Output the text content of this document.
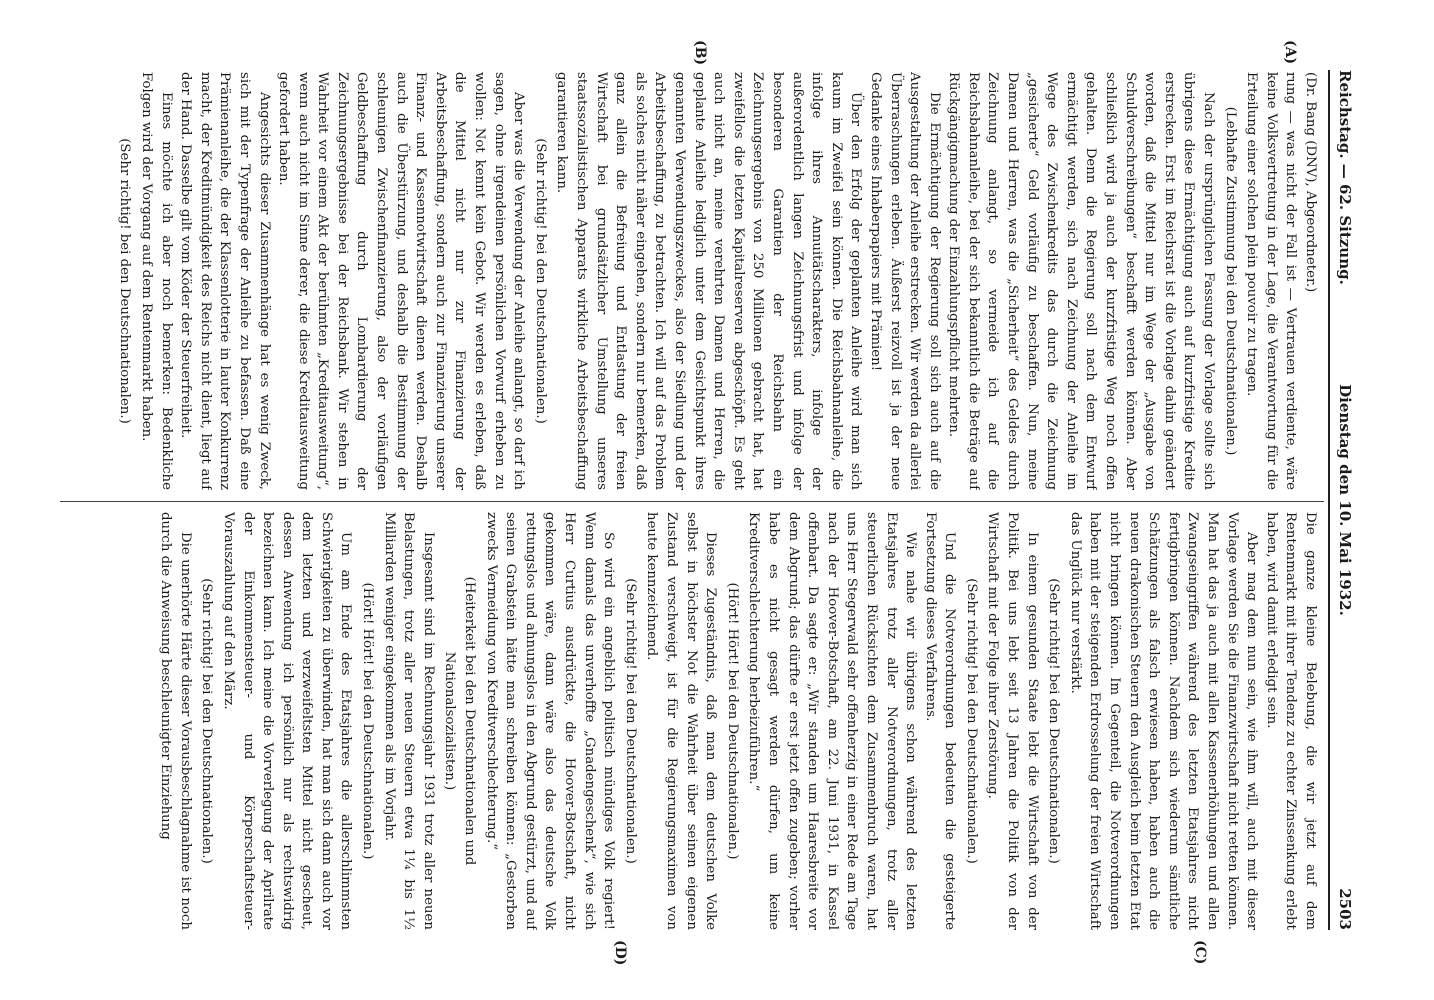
Reichstag. — 62. Sitzung.
Dienstag den 10. Mai 1932.
2503
(A)
(B)
(C)
(D)

(Dr. Bang (DNV), Abgeordneter.)

rung — was nicht der Fall ist — Vertrauen verdiente, wäre keine Volksvertretung in der Lage, die Verantwortung für die Erteilung einer solchen plein pouvoir zu tragen.

(Lebhafte Zustimmung bei den Deutschnationalen.)

Nach der ursprünglichen Fassung der Vorlage sollte sich übrigens diese Ermächtigung auch auf kurzfristige Kredite erstrecken. Erst im Reichsrat ist die Vorlage dahin geändert worden, daß die Mittel nur im Wege der „Ausgabe von Schuldverschreibungen“ beschafft werden können. Aber schließlich wird ja auch der kurzfristige Weg noch offen gehalten. Denn die Regierung soll nach dem Entwurf ermächtigt werden, sich nach Zeichnung der Anleihe im Wege des Zwischenkredits das durch die Zeichnung „gesicherte“ Geld vorläufig zu beschaffen. Nun, meine Damen und Herren, was die „Sicherheit“ des Geldes durch Zeichnung anlangt, so vermeide ich auf die Reichsbahnanleihe, bei der sich bekanntlich die Beträge auf Rückgängigmachung der Einzahlungspflicht mehrten.

Die Ermächtigung der Regierung soll sich auch auf die Ausgestaltung der Anleihe erstrecken. Wir werden da allerlei Überraschungen erleben. Äußerst reizvoll ist ja der neue Gedanke eines Inhaberpapiers mit Prämien!

Über den Erfolg der geplanten Anleihe wird man sich kaum im Zweifel sein können. Die Reichsbahnanleihe, die infolge ihres Annuitätscharakters, infolge der außerordentlich langen Zeichnungsfrist und infolge der besonderen Garantien der Reichsbahn ein Zeichnungsergebnis von 250 Millionen gebracht hat, hat zweifellos die letzten Kapitalreserven abgeschöpft. Es geht auch nicht an, meine verehrten Damen und Herren, die geplante Anleihe lediglich unter dem Gesichtspunkt ihres genannten Verwendungszweckes, also der Siedlung und der Arbeitsbeschaffung, zu betrachten. Ich will auf das Problem als solches nicht näher eingehen, sondern nur bemerken, daß ganz allein die Befreiung und Entlastung der freien Wirtschaft bei grundsätzlicher Umstellung unseres staatssozialistischen Apparats wirkliche Arbeitsbeschaffung garantieren kann.

(Sehr richtig! bei den Deutschnationalen.)

Aber was die Verwendung der Anleihe anlangt, so darf ich sagen, ohne irgendeinen persönlichen Vorwurf erheben zu wollen: Not kennt kein Gebot. Wir werden es erleben, daß die Mittel nicht nur zur Finanzierung der Arbeitsbeschaffung, sondern auch zur Finanzierung unserer Finanz- und Kassennotwirtschaft dienen werden. Deshalb auch die Überstürzung, und deshalb die Bestimmung der schleunigen Zwischenfinanzierung, also der vorläufigen Geldbeschaffung durch Lombardierung der Zeichnungsergebnisse bei der Reichsbank. Wir stehen in Wahrheit vor einem Akt der berühmten „Kreditausweitung“, wenn auch nicht im Sinne derer, die diese Kreditausweitung gefordert haben.

Angesichts dieser Zusammenhänge hat es wenig Zweck, sich mit der Typenfrage der Anleihe zu befassen. Daß eine Prämienanleihe, die der Klassenlotterie in lauter Konkurrenz macht, der Kreditmündigkeit des Reichs nicht dient, liegt auf der Hand. Dasselbe gilt vom Köder der Steuerfreiheit.

Eines möchte ich aber noch bemerken: Bedenkliche Folgen wird der Vorgang auf dem Rentenmarkt haben.

(Sehr richtig! bei den Deutschnationalen.)

Die ganze kleine Belebung, die wir jetzt auf dem Rentenmarkt mit ihrer Tendenz zu echter Zinssenkung erlebt haben, wird damit erledigt sein.

Aber mag dem nun sein, wie ihm will, auch mit dieser Vorlage werden Sie die Finanzwirtschaft nicht retten können. Man hat das ja auch mit allen Kassenerhöhungen und allen Zwangseingriffen während des letzten Etatsjahres nicht fertigbringen können. Nachdem sich wiederum sämtliche Schätzungen als falsch erwiesen haben, haben auch die neuen drakonischen Steuern den Ausgleich beim letzten Etat nicht bringen können. Im Gegenteil, die Notverordnungen haben mit der steigenden Erdrosselung der freien Wirtschaft das Unglück nur verstärkt.

(Sehr richtig! bei den Deutschnationalen.)

In einem gesunden Staate lebt die Wirtschaft von der Politik. Bei uns lebt seit 13 Jahren die Politik von der Wirtschaft mit der Folge ihrer Zerstörung.

(Sehr richtig! bei den Deutschnationalen.)

Und die Notverordnungen bedeuten die gesteigerte Fortsetzung dieses Verfahrens.

Wie nahe wir übrigens schon während des letzten Etatsjahres trotz aller Notverordnungen, trotz aller steuerlichen Rücksichten dem Zusammenbruch waren, hat uns Herr Stegerwald sehr offenherzig in einer Rede am Tage nach der Hoover-Botschaft, am 22. Juni 1931, in Kassel offenbart. Da sagte er: „Wir standen um Haaresbreite vor dem Abgrund; das dürfte er erst jetzt offen zugeben; vorher habe es nicht gesagt werden dürfen, um keine Kreditverschlechterung herbeizuführen.“

(Hört! Hört! bei den Deutschnationalen.)

Dieses Zugeständnis, daß man dem deutschen Volke selbst in höchster Not die Wahrheit über seinen eigenen Zustand verschweigt, ist für die Regierungsmaximen von heute kennzeichnend.

(Sehr richtig! bei den Deutschnationalen.)

So wird ein angeblich politisch mündiges Volk regiert! Wenn damals das unverhoffte „Gnadengeschenk“, wie sich Herr Curtius ausdrückte, die Hoover-Botschaft, nicht gekommen wäre, dann wäre also das deutsche Volk rettungslos und ahnungslos in den Abgrund gestürzt, und auf seinen Grabstein hätte man schreiben können: „Gestorben zwecks Vermeidung von Kreditverschlechterung.“

(Heiterkeit bei den Deutschnationalen und Nationalsozialisten.)

Insgesamt sind im Rechnungsjahr 1931 trotz aller neuen Belastungen, trotz aller neuen Steuern etwa 1¼ bis 1½ Milliarden weniger eingekommen als im Vorjahr.

(Hört! Hört! bei den Deutschnationalen.)

Um am Ende des Etatsjahres die allerschlimmsten Schwierigkeiten zu überwinden, hat man sich dann auch vor dem letzten und verzweifeltsten Mittel nicht gescheut, dessen Anwendung ich persönlich nur als rechtswidrig bezeichnen kann. Ich meine die Vorverlegung der Aprilrate der Einkommensteuer- und Körperschaftsteuer-Vorauszahlung auf den März.

(Sehr richtig! bei den Deutschnationalen.)

Die unerhörte Härte dieser Vorausbeschlagnahme ist noch durch die Anweisung beschleunigter Einziehung
